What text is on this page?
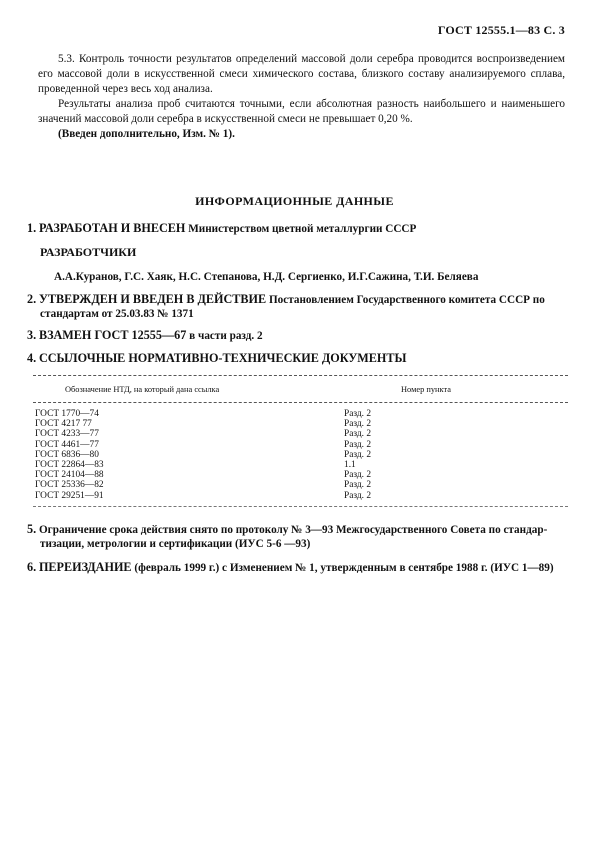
ГОСТ 12555.1—83 С. 3

5.3. Контроль точности результатов определений массовой доли серебра проводится воспроизведением его массовой доли в искусственной смеси химического состава, близкого составу анализируемого сплава, проведенной через весь ход анализа.

Результаты анализа проб считаются точными, если абсолютная разность наибольшего и наименьшего значений массовой доли серебра в искусственной смеси не превышает 0,20 %.

(Введен дополнительно, Изм. № 1).

ИНФОРМАЦИОННЫЕ ДАННЫЕ
1. РАЗРАБОТАН И ВНЕСЕН Министерством цветной металлургии СССР
РАЗРАБОТЧИКИ
А.А.Куранов, Г.С. Хаяк, Н.С. Степанова, Н.Д. Сергиенко, И.Г.Сажина, Т.И. Беляева
2. УТВЕРЖДЕН И ВВЕДЕН В ДЕЙСТВИЕ Постановлением Государственного комитета СССР по
стандартам от 25.03.83 № 1371
3. ВЗАМЕН ГОСТ 12555—67 в части разд. 2
4. ССЫЛОЧНЫЕ НОРМАТИВНО-ТЕХНИЧЕСКИЕ ДОКУМЕНТЫ
Обозначение НТД, на который дана ссылка	Номер пункта
ГОСТ 1770—74	Разд. 2
ГОСТ 4217 77	Разд. 2
ГОСТ 4233—77	Разд. 2
ГОСТ 4461—77	Разд. 2
ГОСТ 6836—80	Разд. 2
ГОСТ 22864—83	1.1
ГОСТ 24104—88	Разд. 2
ГОСТ 25336—82	Разд. 2
ГОСТ 29251—91	Разд. 2
5. Ограничение срока действия снято по протоколу № 3—93 Межгосударственного Совета по стандар-
тизации, метрологии и сертификации (ИУС 5-6 —93)
6. ПЕРЕИЗДАНИЕ (февраль 1999 г.) с Изменением № 1, утвержденным в сентябре 1988 г. (ИУС 1—89)
